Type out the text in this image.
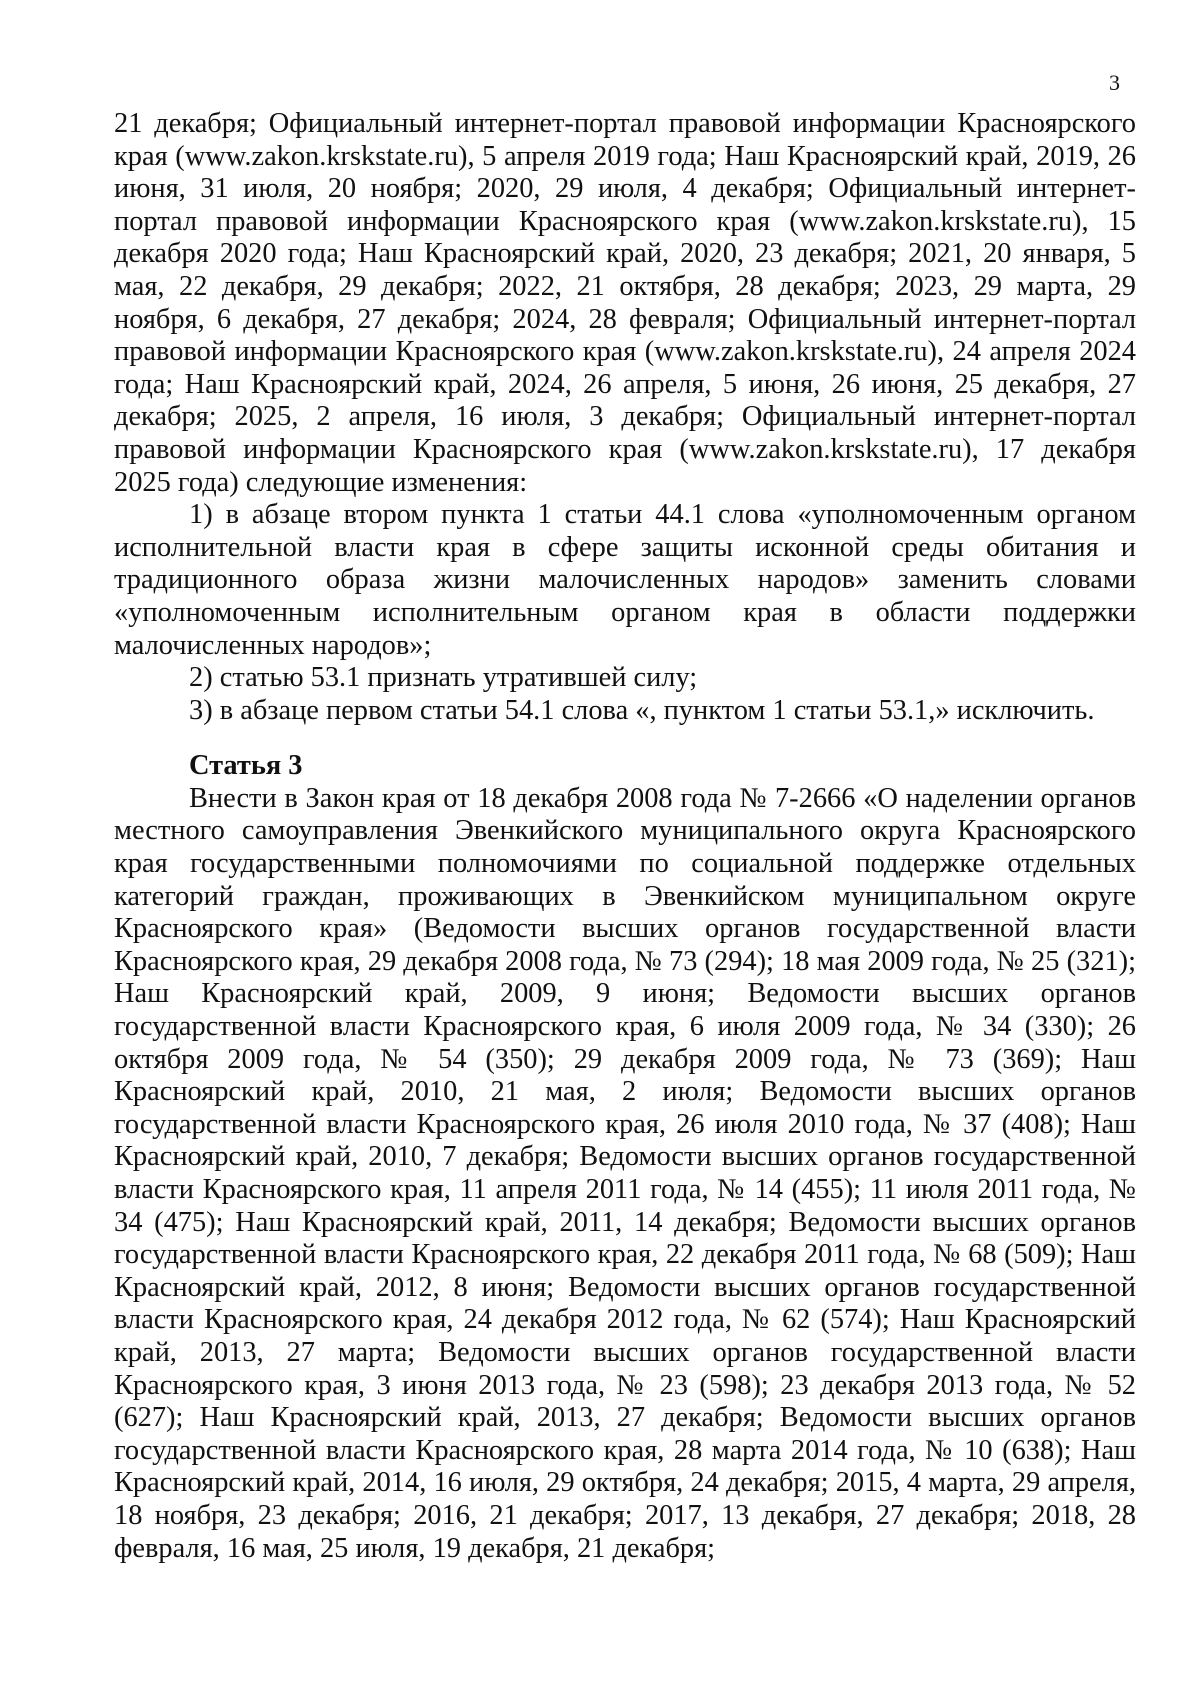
3

21 декабря; Официальный интернет-портал правовой информации Красноярского края (www.zakon.krskstate.ru), 5 апреля 2019 года; Наш Красноярский край, 2019, 26 июня, 31 июля, 20 ноября; 2020, 29 июля, 4 декабря; Официальный интернет-портал правовой информации Красноярского края (www.zakon.krskstate.ru), 15 декабря 2020 года; Наш Красноярский край, 2020, 23 декабря; 2021, 20 января, 5 мая, 22 декабря, 29 декабря; 2022, 21 октября, 28 декабря; 2023, 29 марта, 29 ноября, 6 декабря, 27 декабря; 2024, 28 февраля; Официальный интернет-портал правовой информации Красноярского края (www.zakon.krskstate.ru), 24 апреля 2024 года; Наш Красноярский край, 2024, 26 апреля, 5 июня, 26 июня, 25 декабря, 27 декабря; 2025, 2 апреля, 16 июля, 3 декабря; Официальный интернет-портал правовой информации Красноярского края (www.zakon.krskstate.ru), 17 декабря 2025 года) следующие изменения:

1) в абзаце втором пункта 1 статьи 44.1 слова «уполномоченным органом исполнительной власти края в сфере защиты исконной среды обитания и традиционного образа жизни малочисленных народов» заменить словами «уполномоченным исполнительным органом края в области поддержки малочисленных народов»;

2) статью 53.1 признать утратившей силу;

3) в абзаце первом статьи 54.1 слова «, пунктом 1 статьи 53.1,» исключить.

Статья 3

Внести в Закон края от 18 декабря 2008 года № 7-2666 «О наделении органов местного самоуправления Эвенкийского муниципального округа Красноярского края государственными полномочиями по социальной поддержке отдельных категорий граждан, проживающих в Эвенкийском муниципальном округе Красноярского края» (Ведомости высших органов государственной власти Красноярского края, 29 декабря 2008 года, № 73 (294); 18 мая 2009 года, № 25 (321); Наш Красноярский край, 2009, 9 июня; Ведомости высших органов государственной власти Красноярского края, 6 июля 2009 года, № 34 (330); 26 октября 2009 года, № 54 (350); 29 декабря 2009 года, № 73 (369); Наш Красноярский край, 2010, 21 мая, 2 июля; Ведомости высших органов государственной власти Красноярского края, 26 июля 2010 года, № 37 (408); Наш Красноярский край, 2010, 7 декабря; Ведомости высших органов государственной власти Красноярского края, 11 апреля 2011 года, № 14 (455); 11 июля 2011 года, № 34 (475); Наш Красноярский край, 2011, 14 декабря; Ведомости высших органов государственной власти Красноярского края, 22 декабря 2011 года, № 68 (509); Наш Красноярский край, 2012, 8 июня; Ведомости высших органов государственной власти Красноярского края, 24 декабря 2012 года, № 62 (574); Наш Красноярский край, 2013, 27 марта; Ведомости высших органов государственной власти Красноярского края, 3 июня 2013 года, № 23 (598); 23 декабря 2013 года, № 52 (627); Наш Красноярский край, 2013, 27 декабря; Ведомости высших органов государственной власти Красноярского края, 28 марта 2014 года, № 10 (638); Наш Красноярский край, 2014, 16 июля, 29 октября, 24 декабря; 2015, 4 марта, 29 апреля, 18 ноября, 23 декабря; 2016, 21 декабря; 2017, 13 декабря, 27 декабря; 2018, 28 февраля, 16 мая, 25 июля, 19 декабря, 21 декабря;
